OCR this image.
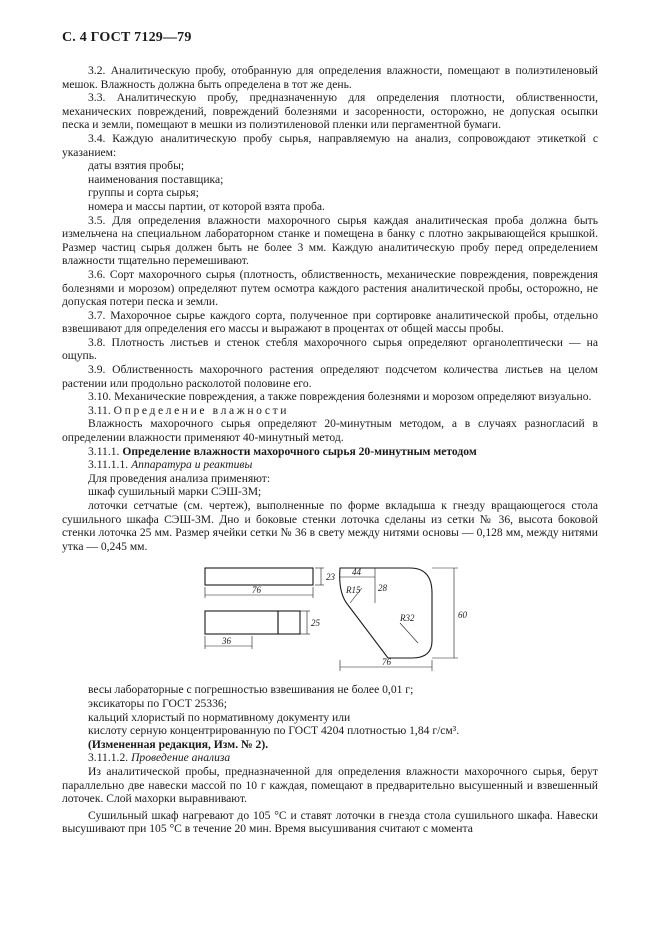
С. 4 ГОСТ 7129—79

3.2. Аналитическую пробу, отобранную для определения влажности, помещают в полиэтиленовый мешок. Влажность должна быть определена в тот же день.

3.3. Аналитическую пробу, предназначенную для определения плотности, облиственности, механических повреждений, повреждений болезнями и засоренности, осторожно, не допуская осыпки песка и земли, помещают в мешки из полиэтиленовой пленки или пергаментной бумаги.

3.4. Каждую аналитическую пробу сырья, направляемую на анализ, сопровождают этикеткой с указанием:

даты взятия пробы;

наименования поставщика;

группы и сорта сырья;

номера и массы партии, от которой взята проба.

3.5. Для определения влажности махорочного сырья каждая аналитическая проба должна быть измельчена на специальном лабораторном станке и помещена в банку с плотно закрывающейся крышкой. Размер частиц сырья должен быть не более 3 мм. Каждую аналитическую пробу перед определением влажности тщательно перемешивают.

3.6. Сорт махорочного сырья (плотность, облиственность, механические повреждения, повреждения болезнями и морозом) определяют путем осмотра каждого растения аналитической пробы, осторожно, не допуская потери песка и земли.

3.7. Махорочное сырье каждого сорта, полученное при сортировке аналитической пробы, отдельно взвешивают для определения его массы и выражают в процентах от общей массы пробы.

3.8. Плотность листьев и стенок стебля махорочного сырья определяют органолептически — на ощупь.

3.9. Облиственность махорочного растения определяют подсчетом количества листьев на целом растении или продольно расколотой половине его.

3.10. Механические повреждения, а также повреждения болезнями и морозом определяют визуально.

3.11. Определение влажности

Влажность махорочного сырья определяют 20-минутным методом, а в случаях разногласий в определении влажности применяют 40-минутный метод.

3.11.1. Определение влажности махорочного сырья 20-минутным методом

3.11.1.1. Аппаратура и реактивы

Для проведения анализа применяют:

шкаф сушильный марки СЭШ-3М;

лоточки сетчатые (см. чертеж), выполненные по форме вкладыша к гнезду вращающегося стола сушильного шкафа СЭШ-3М. Дно и боковые стенки лоточка сделаны из сетки № 36, высота боковой стенки лоточка 25 мм. Размер ячейки сетки № 36 в свету между нитями основы — 0,128 мм, между нитями утка — 0,245 мм.

23
76
25
36
44
28
60
R15
R32
76

весы лабораторные с погрешностью взвешивания не более 0,01 г;

эксикаторы по ГОСТ 25336;

кальций хлористый по нормативному документу или

кислоту серную концентрированную по ГОСТ 4204 плотностью 1,84 г/см³.

(Измененная редакция, Изм. № 2).

3.11.1.2. Проведение анализа

Из аналитической пробы, предназначенной для определения влажности махорочного сырья, берут параллельно две навески массой по 10 г каждая, помещают в предварительно высушенный и взвешенный лоточек. Слой махорки выравнивают.

Сушильный шкаф нагревают до 105 °С и ставят лоточки в гнезда стола сушильного шкафа. Навески высушивают при 105 °С в течение 20 мин. Время высушивания считают с момента
